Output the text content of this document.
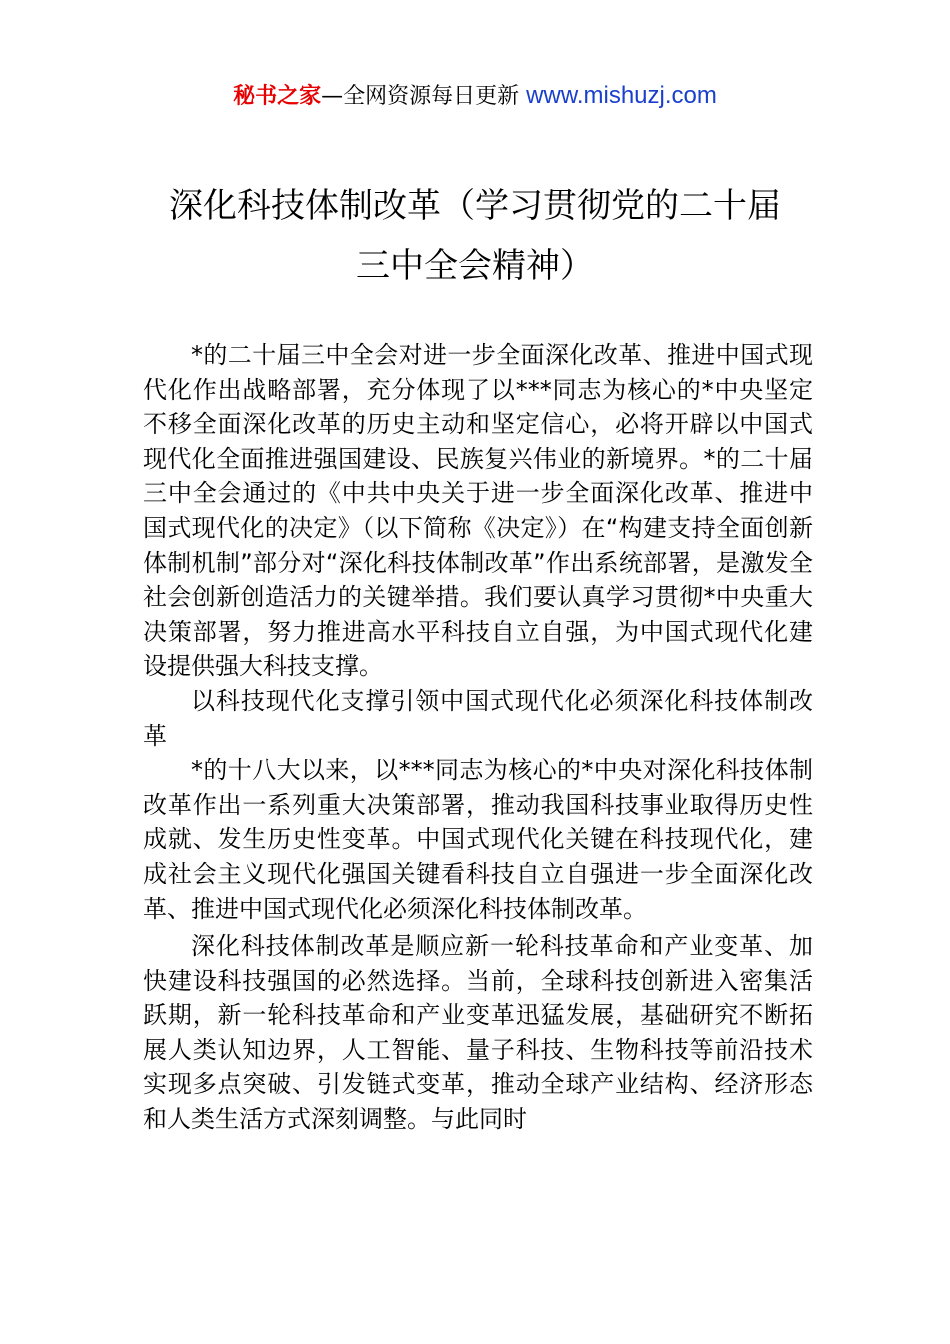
秘书之家—全网资源每日更新 www.mishuzj.com
深化科技体制改革（学习贯彻党的二十届
三中全会精神）

*的二十届三中全会对进一步全面深化改革、推进中国式现代化作出战略部署，充分体现了以***同志为核心的*中央坚定不移全面深化改革的历史主动和坚定信心，必将开辟以中国式现代化全面推进强国建设、民族复兴伟业的新境界。*的二十届三中全会通过的《中共中央关于进一步全面深化改革、推进中国式现代化的决定》（以下简称《决定》）在“构建支持全面创新体制机制”部分对“深化科技体制改革”作出系统部署，是激发全社会创新创造活力的关键举措。我们要认真学习贯彻*中央重大决策部署，努力推进高水平科技自立自强，为中国式现代化建设提供强大科技支撑。

以科技现代化支撑引领中国式现代化必须深化科技体制改革

*的十八大以来，以***同志为核心的*中央对深化科技体制改革作出一系列重大决策部署，推动我国科技事业取得历史性成就、发生历史性变革。中国式现代化关键在科技现代化，建成社会主义现代化强国关键看科技自立自强进一步全面深化改革、推进中国式现代化必须深化科技体制改革。

深化科技体制改革是顺应新一轮科技革命和产业变革、加快建设科技强国的必然选择。当前，全球科技创新进入密集活跃期，新一轮科技革命和产业变革迅猛发展，基础研究不断拓展人类认知边界，人工智能、量子科技、生物科技等前沿技术实现多点突破、引发链式变革，推动全球产业结构、经济形态和人类生活方式深刻调整。与此同时
